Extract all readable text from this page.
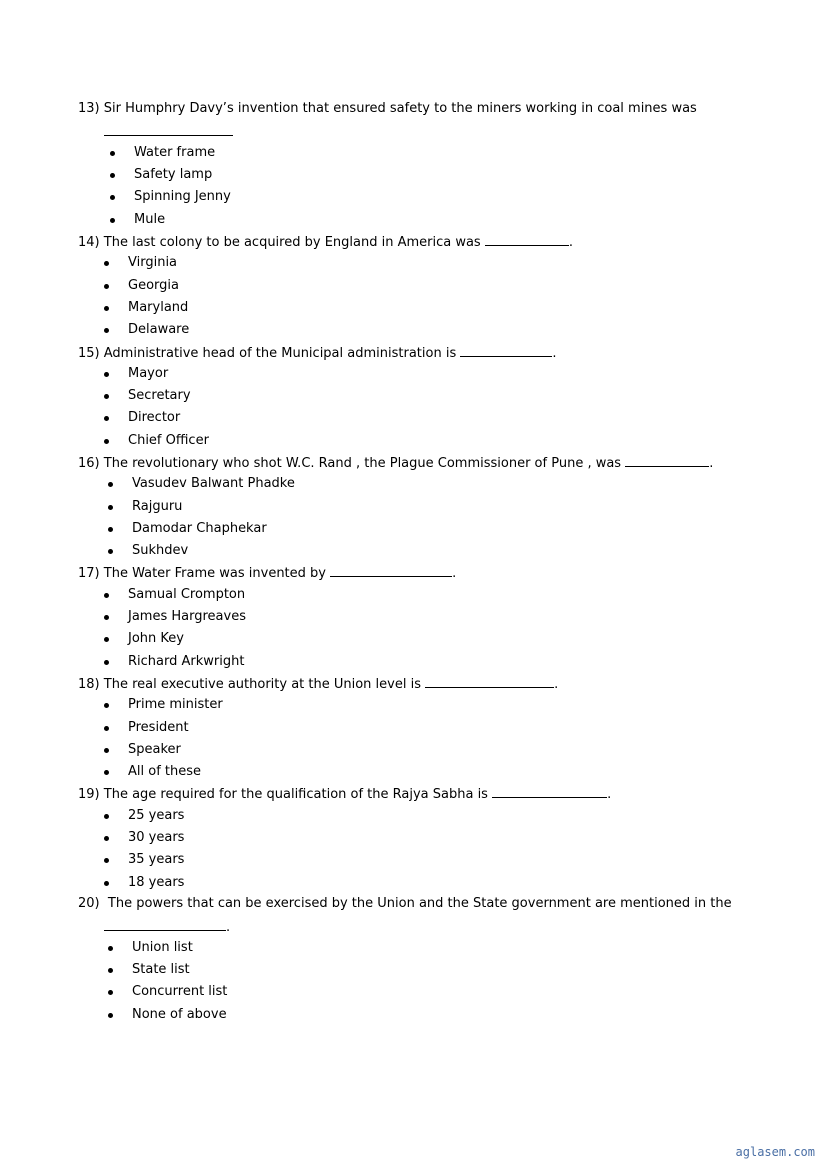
13) Sir Humphry Davy’s invention that ensured safety to the miners working in coal mines was
Water frame
Safety lamp
Spinning Jenny
Mule
14) The last colony to be acquired by England in America was	.
Virginia
Georgia
Maryland
Delaware
15) Administrative head of the Municipal administration is	.
Mayor
Secretary
Director
Chief Officer
16) The revolutionary who shot W.C. Rand , the Plague Commissioner of Pune , was	.
Vasudev Balwant Phadke
Rajguru
Damodar Chaphekar
Sukhdev
17) The Water Frame was invented by	.
Samual Crompton
James Hargreaves
John Key
Richard Arkwright
18) The real executive authority at the Union level is	.
Prime minister
President
Speaker
All of these
19) The age required for the qualification of the Rajya Sabha is	.
25 years
30 years
35 years
18 years
20) The powers that can be exercised by the Union and the State government are mentioned in the
.
Union list
State list
Concurrent list
None of above
aglasem.com
